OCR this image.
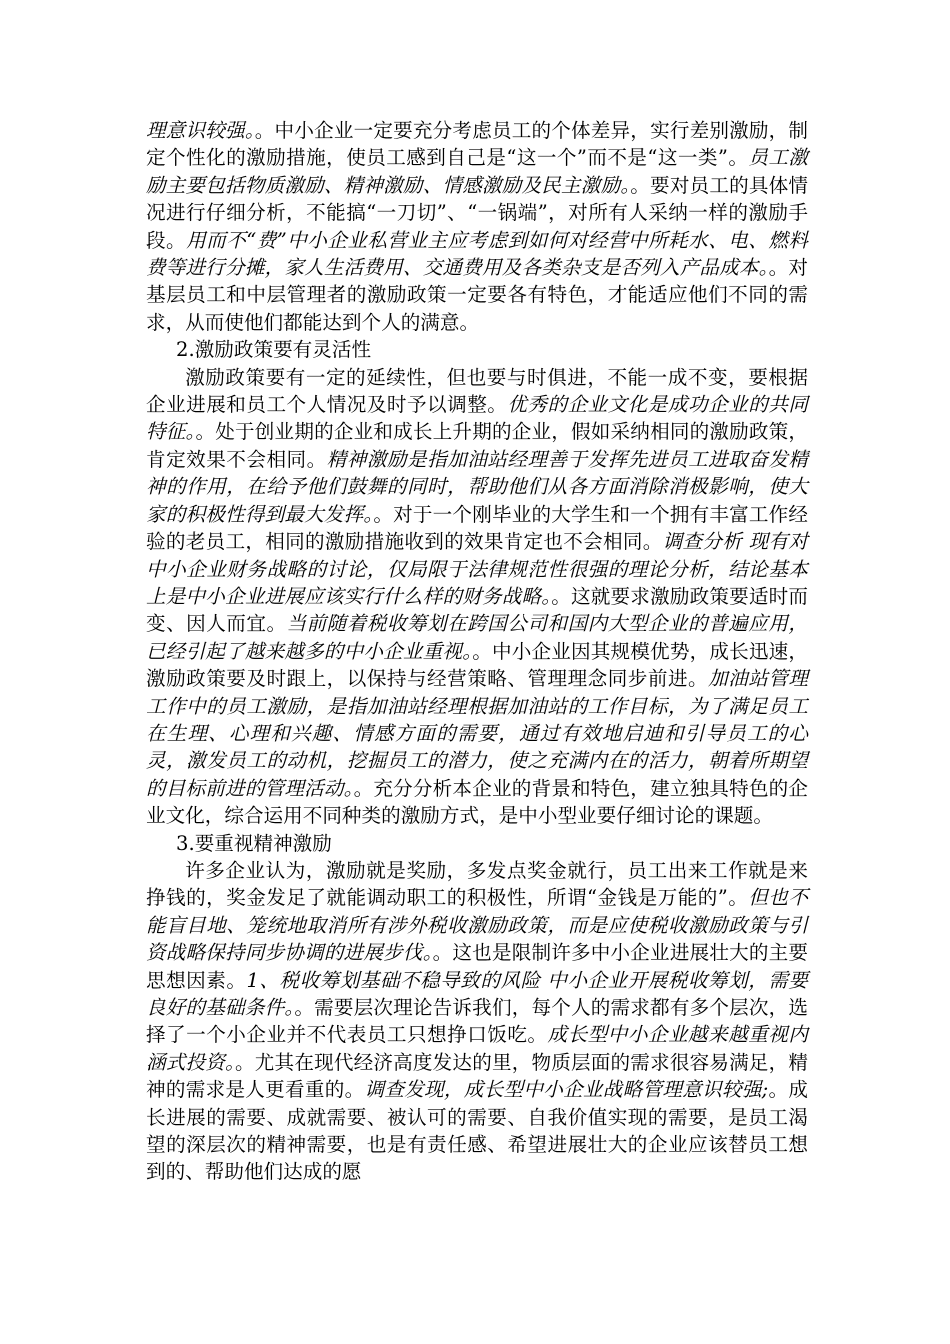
理意识较强。。中小企业一定要充分考虑员工的个体差异，实行差别激励，制定个性化的激励措施，使员工感到自己是“这一个”而不是“这一类”。员工激励主要包括物质激励、精神激励、情感激励及民主激励。。要对员工的具体情况进行仔细分析，不能搞“一刀切”、“一锅端”，对所有人采纳一样的激励手段。用而不“费”中小企业私营业主应考虑到如何对经营中所耗水、电、燃料费等进行分摊，家人生活费用、交通费用及各类杂支是否列入产品成本。。对基层员工和中层管理者的激励政策一定要各有特色，才能适应他们不同的需求，从而使他们都能达到个人的满意。

2.激励政策要有灵活性

激励政策要有一定的延续性，但也要与时俱进，不能一成不变，要根据企业进展和员工个人情况及时予以调整。优秀的企业文化是成功企业的共同特征。。处于创业期的企业和成长上升期的企业，假如采纳相同的激励政策，肯定效果不会相同。精神激励是指加油站经理善于发挥先进员工进取奋发精神的作用，在给予他们鼓舞的同时，帮助他们从各方面消除消极影响，使大家的积极性得到最大发挥。。对于一个刚毕业的大学生和一个拥有丰富工作经验的老员工，相同的激励措施收到的效果肯定也不会相同。调查分析 现有对中小企业财务战略的讨论，仅局限于法律规范性很强的理论分析，结论基本上是中小企业进展应该实行什么样的财务战略。。这就要求激励政策要适时而变、因人而宜。当前随着税收筹划在跨国公司和国内大型企业的普遍应用，已经引起了越来越多的中小企业重视。。中小企业因其规模优势，成长迅速，激励政策要及时跟上，以保持与经营策略、管理理念同步前进。加油站管理工作中的员工激励，是指加油站经理根据加油站的工作目标，为了满足员工在生理、心理和兴趣、情感方面的需要，通过有效地启迪和引导员工的心灵，激发员工的动机，挖掘员工的潜力，使之充满内在的活力，朝着所期望的目标前进的管理活动。。充分分析本企业的背景和特色，建立独具特色的企业文化，综合运用不同种类的激励方式，是中小型业要仔细讨论的课题。

3.要重视精神激励

许多企业认为，激励就是奖励，多发点奖金就行，员工出来工作就是来挣钱的，奖金发足了就能调动职工的积极性，所谓“金钱是万能的”。但也不能盲目地、笼统地取消所有涉外税收激励政策，而是应使税收激励政策与引资战略保持同步协调的进展步伐。。这也是限制许多中小企业进展壮大的主要思想因素。1、税收筹划基础不稳导致的风险 中小企业开展税收筹划，需要良好的基础条件。。需要层次理论告诉我们，每个人的需求都有多个层次，选择了一个小企业并不代表员工只想挣口饭吃。成长型中小企业越来越重视内涵式投资。。尤其在现代经济高度发达的里，物质层面的需求很容易满足，精神的需求是人更看重的。调查发现，成长型中小企业战略管理意识较强;。成长进展的需要、成就需要、被认可的需要、自我价值实现的需要，是员工渴望的深层次的精神需要，也是有责任感、希望进展壮大的企业应该替员工想到的、帮助他们达成的愿
